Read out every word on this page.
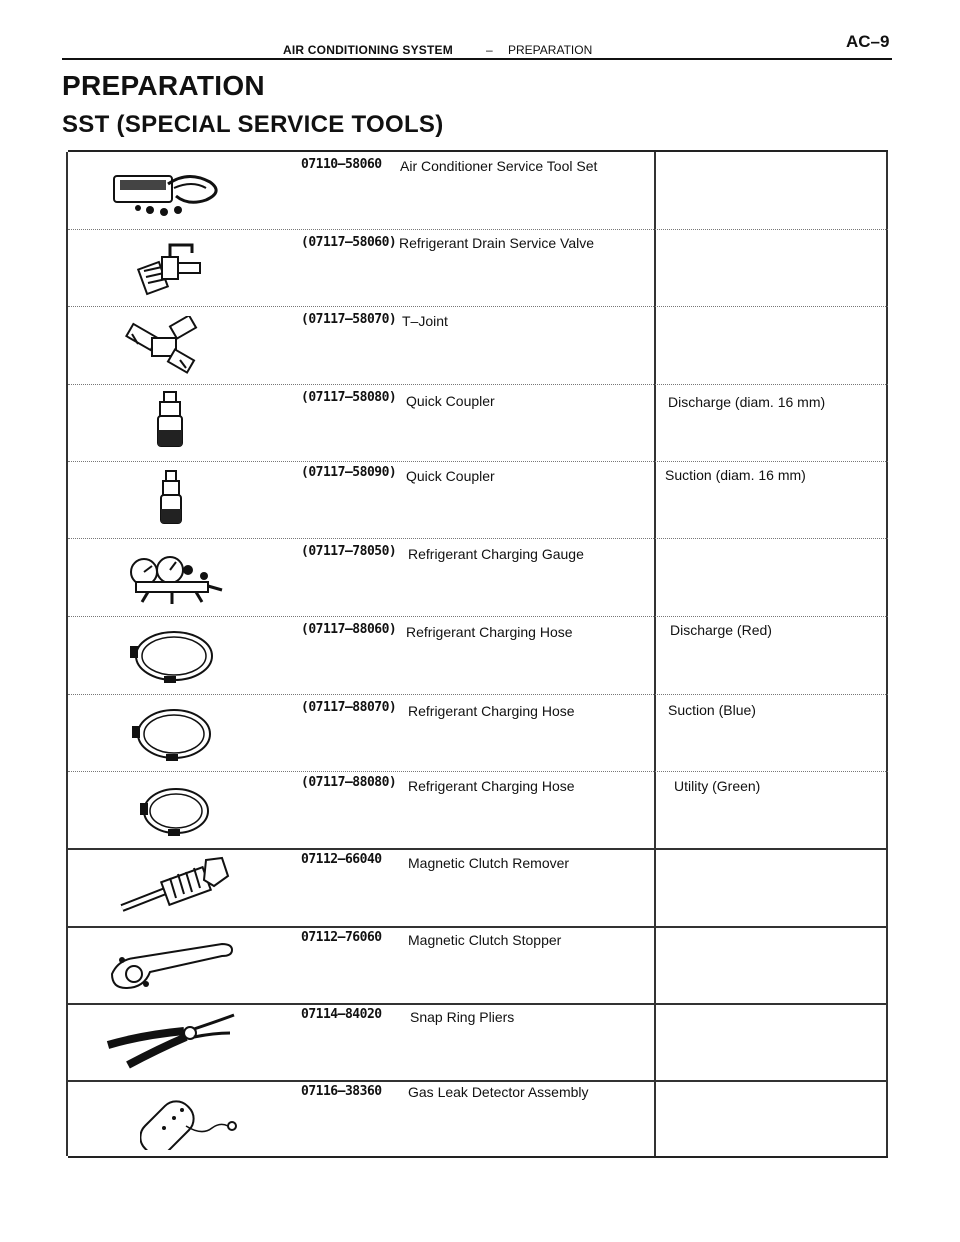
AIR CONDITIONING SYSTEM	– PREPARATION	AC–9
PREPARATION
SST (SPECIAL SERVICE TOOLS)
07110–58060 Air Conditioner Service Tool Set
(07117–58060) Refrigerant Drain Service Valve
(07117–58070) T–Joint
(07117–58080) Quick Coupler	Discharge (diam. 16 mm)
(07117–58090) Quick Coupler	Suction (diam. 16 mm)
(07117–78050) Refrigerant Charging Gauge
(07117–88060) Refrigerant Charging Hose	Discharge (Red)
(07117–88070) Refrigerant Charging Hose	Suction (Blue)
(07117–88080) Refrigerant Charging Hose	Utility (Green)
07112–66040 Magnetic Clutch Remover
07112–76060 Magnetic Clutch Stopper
07114–84020 Snap Ring Pliers
07116–38360 Gas Leak Detector Assembly
